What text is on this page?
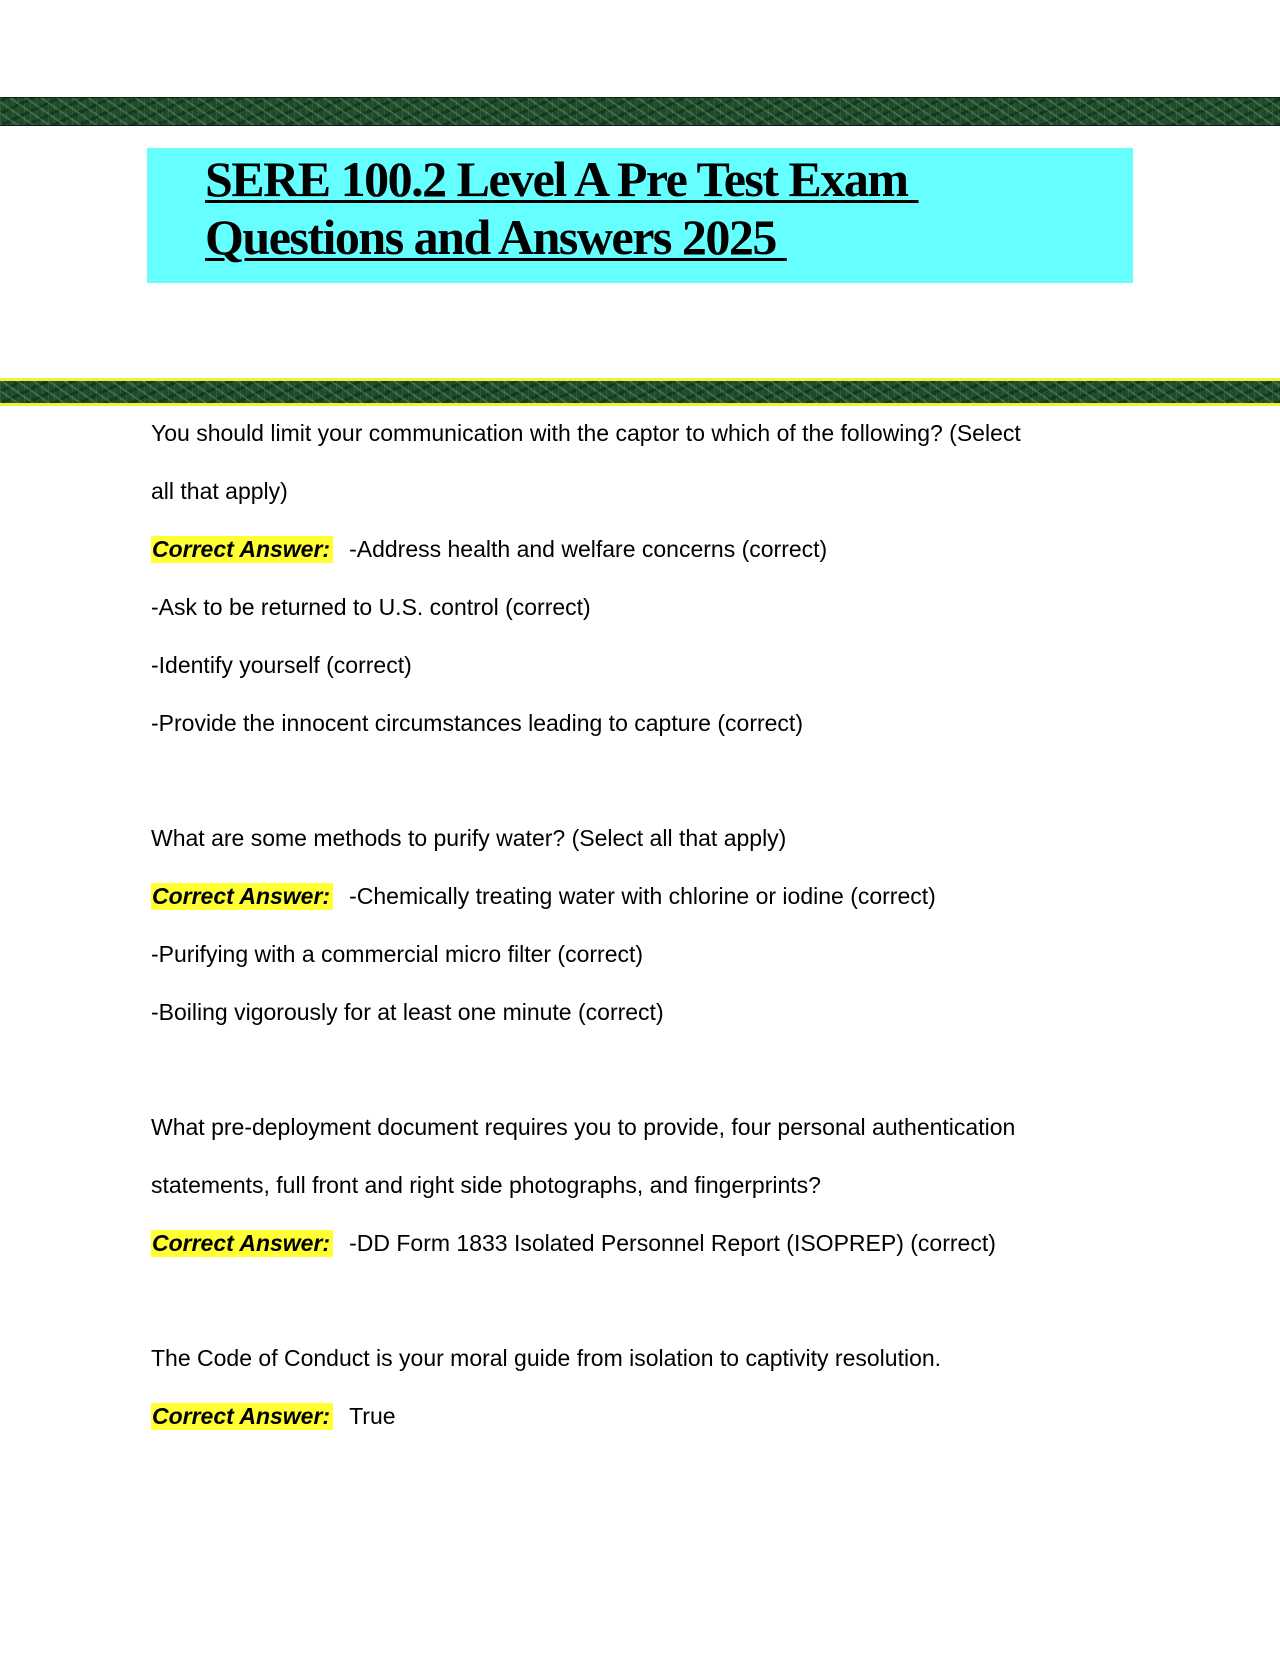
SERE 100.2 Level A Pre Test Exam
Questions and Answers 2025
You should limit your communication with the captor to which of the following? (Select
all that apply)
Correct Answer: -Address health and welfare concerns (correct)
-Ask to be returned to U.S. control (correct)
-Identify yourself (correct)
-Provide the innocent circumstances leading to capture (correct)
What are some methods to purify water? (Select all that apply)
Correct Answer: -Chemically treating water with chlorine or iodine (correct)
-Purifying with a commercial micro filter (correct)
-Boiling vigorously for at least one minute (correct)
What pre-deployment document requires you to provide, four personal authentication
statements, full front and right side photographs, and fingerprints?
Correct Answer: -DD Form 1833 Isolated Personnel Report (ISOPREP) (correct)
The Code of Conduct is your moral guide from isolation to captivity resolution.
Correct Answer: True
